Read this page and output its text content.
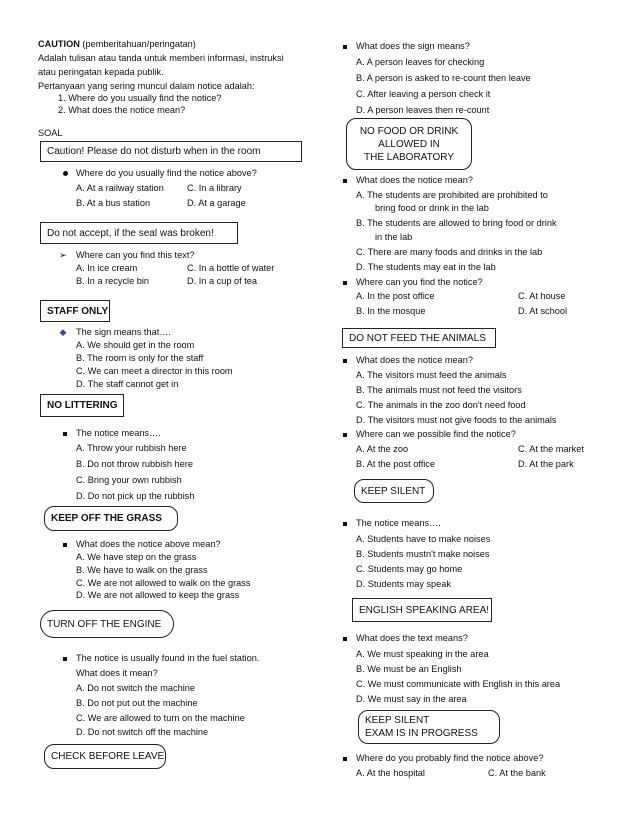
CAUTION (pemberitahuan/peringatan)
Adalah tulisan atau tanda untuk memberi informasi, instruksi
atau peringatan kepada publik.
Pertanyaan yang sering muncul dalam notice adalah:
1. Where do you usually find the notice?
2. What does the notice mean?
SOAL
Caution! Please do not disturb when in the room
Where do you usually find the notice above?
A. At a railway station	C. In a library
B. At a bus station	D. At a garage
Do not accept, if the seal was broken!
➢ Where can you find this text?
A. In ice cream	C. In a bottle of water
B. In a recycle bin	D. In a cup of tea
STAFF ONLY
◆ The sign means that….
A. We should get in the room
B. The room is only for the staff
C. We can meet a director in this room
D. The staff cannot get in
NO LITTERING
The notice means….
A. Throw your rubbish here
B. Do not throw rubbish here
C. Bring your own rubbish
D. Do not pick up the rubbish
KEEP OFF THE GRASS
What does the notice above mean?
A. We have step on the grass
B. We have to walk on the grass
C. We are not allowed to walk on the grass
D. We are not allowed to keep the grass
TURN OFF THE ENGINE
The notice is usually found in the fuel station.
What does it mean?
A. Do not switch the machine
B. Do not put out the machine
C. We are allowed to turn on the machine
D. Do not switch off the machine
CHECK BEFORE LEAVE
What does the sign means?
A. A person leaves for checking
B. A person is asked to re-count then leave
C. After leaving a person check it
D. A person leaves then re-count
NO FOOD OR DRINK
ALLOWED IN
THE LABORATORY
What does the notice mean?
A. The students are prohibited are prohibited to
bring food or drink in the lab
B. The students are allowed to bring food or drink
in the lab
C. There are many foods and drinks in the lab
D. The students may eat in the lab
Where can you find the notice?
A. In the post office	C. At house
B. In the mosque	D. At school
DO NOT FEED THE ANIMALS
What does the notice mean?
A. The visitors must feed the animals
B. The animals must not feed the visitors
C. The animals in the zoo don't need food
D. The visitors must not give foods to the animals
Where can we possible find the notice?
A. At the zoo	C. At the market
B. At the post office	D. At the park
KEEP SILENT
The notice means….
A. Students have to make noises
B. Students mustn't make noises
C. Students may go home
D. Students may speak
ENGLISH SPEAKING AREA!
What does the text means?
A. We must speaking in the area
B. We must be an English
C. We must communicate with English in this area
D. We must say in the area
KEEP SILENT
EXAM IS IN PROGRESS
Where do you probably find the notice above?
A. At the hospital	C. At the bank
